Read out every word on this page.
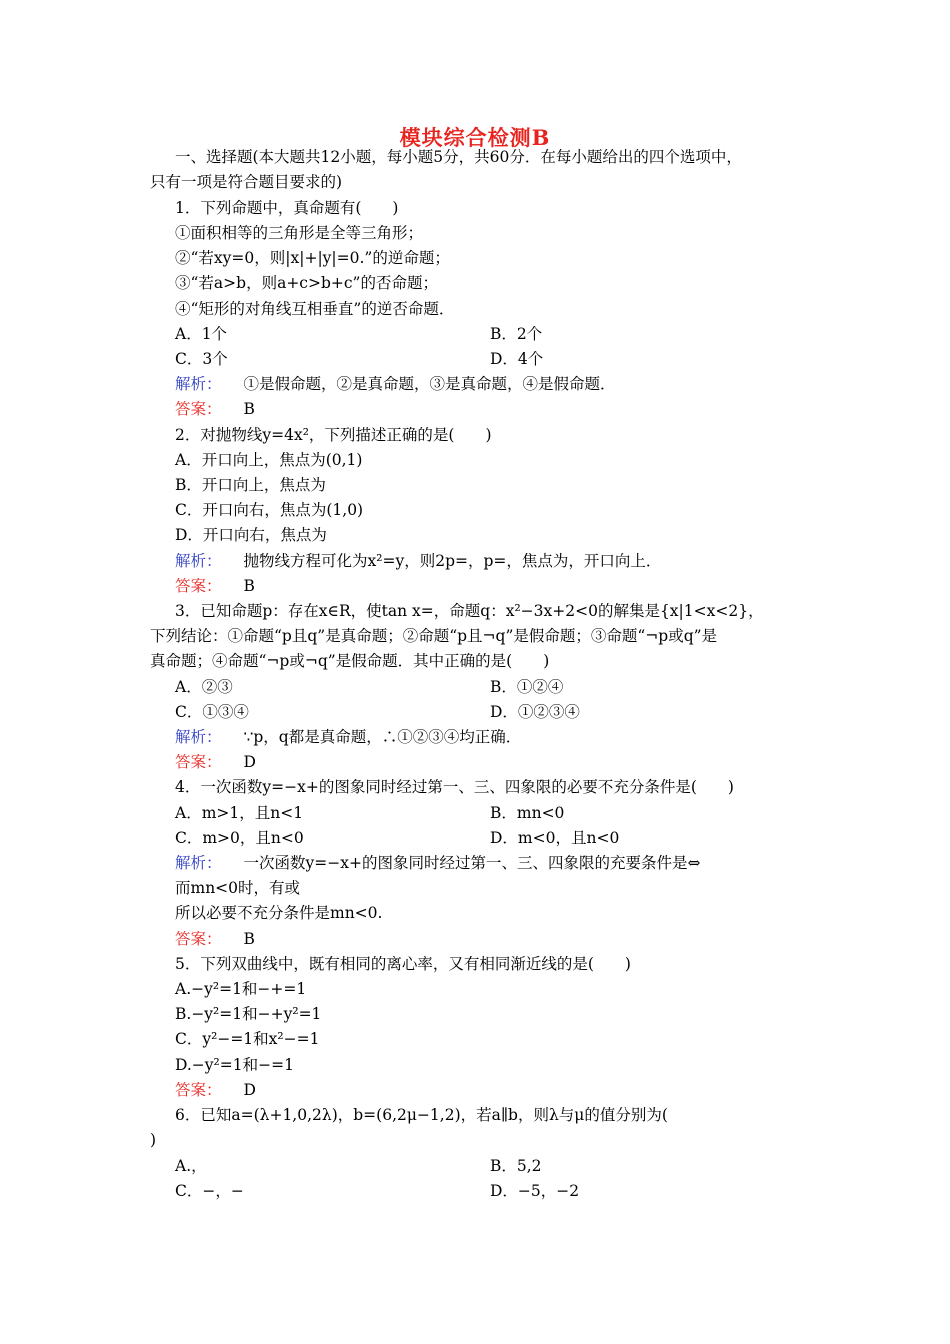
模块综合检测B
一、选择题(本大题共12小题，每小题5分，共60分．在每小题给出的四个选项中，
只有一项是符合题目要求的)
1．下列命题中，真命题有(　　)
①面积相等的三角形是全等三角形；
②“若xy=0，则|x|+|y|=0.”的逆命题；
③“若a>b，则a+c>b+c”的否命题；
④“矩形的对角线互相垂直”的逆否命题．
A．1个	B．2个
C．3个	D．4个
解析： ①是假命题，②是真命题，③是真命题，④是假命题．
答案： B
2．对抛物线y=4x²，下列描述正确的是(　　)
A．开口向上，焦点为(0,1)
B．开口向上，焦点为
C．开口向右，焦点为(1,0)
D．开口向右，焦点为
解析： 抛物线方程可化为x²=y，则2p=，p=，焦点为，开口向上．
答案： B
3．已知命题p：存在x∈R，使tan x=，命题q：x²−3x+2<0的解集是{x|1<x<2}，
下列结论：①命题“p且q”是真命题；②命题“p且¬q”是假命题；③命题“¬p或q”是
真命题；④命题“¬p或¬q”是假命题．其中正确的是(　　)
A．②③	B．①②④
C．①③④	D．①②③④
解析： ∵p，q都是真命题，∴①②③④均正确．
答案： D
4．一次函数y=−x+的图象同时经过第一、三、四象限的必要不充分条件是(　　)
A．m>1，且n<1	B．mn<0
C．m>0，且n<0	D．m<0，且n<0
解析： 一次函数y=−x+的图象同时经过第一、三、四象限的充要条件是⇔
而mn<0时，有或
所以必要不充分条件是mn<0.
答案： B
5．下列双曲线中，既有相同的离心率，又有相同渐近线的是(　　)
A.−y²=1和−+=1
B.−y²=1和−+y²=1
C．y²−=1和x²−=1
D.−y²=1和−=1
答案： D
6．已知a=(λ+1,0,2λ)，b=(6,2μ−1,2)，若a∥b，则λ与μ的值分别为(
)
A.，	B．5,2
C．−，−	D．−5，−2
